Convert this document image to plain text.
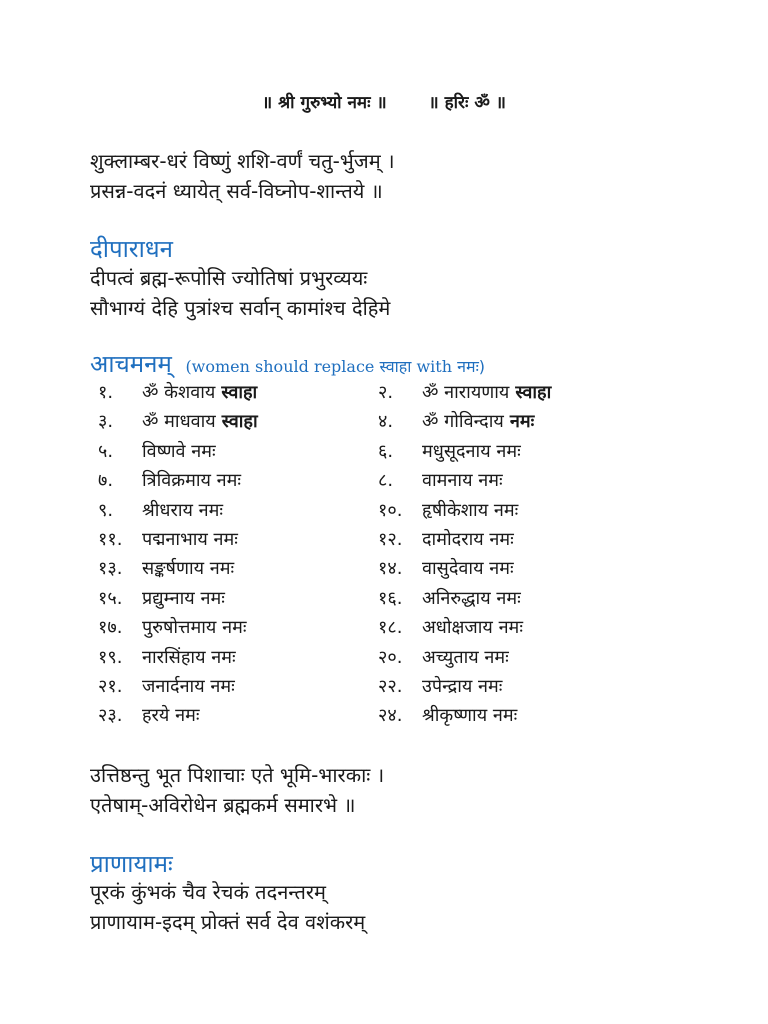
॥ श्री गुरुभ्यो नमः ॥ ॥ हरिः ॐ ॥
शुक्लाम्बर-धरं विष्णुं शशि-वर्णं चतु-र्भुजम् ।
प्रसन्न-वदनं ध्यायेत् सर्व-विघ्नोप-शान्तये ॥
दीपाराधन
दीपत्वं ब्रह्म-रूपोसि ज्योतिषां प्रभुरव्ययः
सौभाग्यं देहि पुत्रांश्च सर्वान् कामांश्च देहिमे
आचमनम् (women should replace स्वाहा with नमः)
१.	ॐ केशवाय स्वाहा	२.	ॐ नारायणाय स्वाहा
३.	ॐ माधवाय स्वाहा	४.	ॐ गोविन्दाय नमः
५.	विष्णवे नमः	६.	मधुसूदनाय नमः
७.	त्रिविक्रमाय नमः	८.	वामनाय नमः
९.	श्रीधराय नमः	१०.	हृषीकेशाय नमः
११.	पद्मनाभाय नमः	१२.	दामोदराय नमः
१३.	सङ्कर्षणाय नमः	१४.	वासुदेवाय नमः
१५.	प्रद्युम्नाय नमः	१६.	अनिरुद्धाय नमः
१७.	पुरुषोत्तमाय नमः	१८.	अधोक्षजाय नमः
१९.	नारसिंहाय नमः	२०.	अच्युताय नमः
२१.	जनार्दनाय नमः	२२.	उपेन्द्राय नमः
२३.	हरये नमः	२४.	श्रीकृष्णाय नमः
उत्तिष्ठन्तु भूत पिशाचाः एते भूमि-भारकाः ।
एतेषाम्-अविरोधेन ब्रह्मकर्म समारभे ॥
प्राणायामः
पूरकं कुंभकं चैव रेचकं तदनन्तरम्
प्राणायाम-इदम् प्रोक्तं सर्व देव वशंकरम्
